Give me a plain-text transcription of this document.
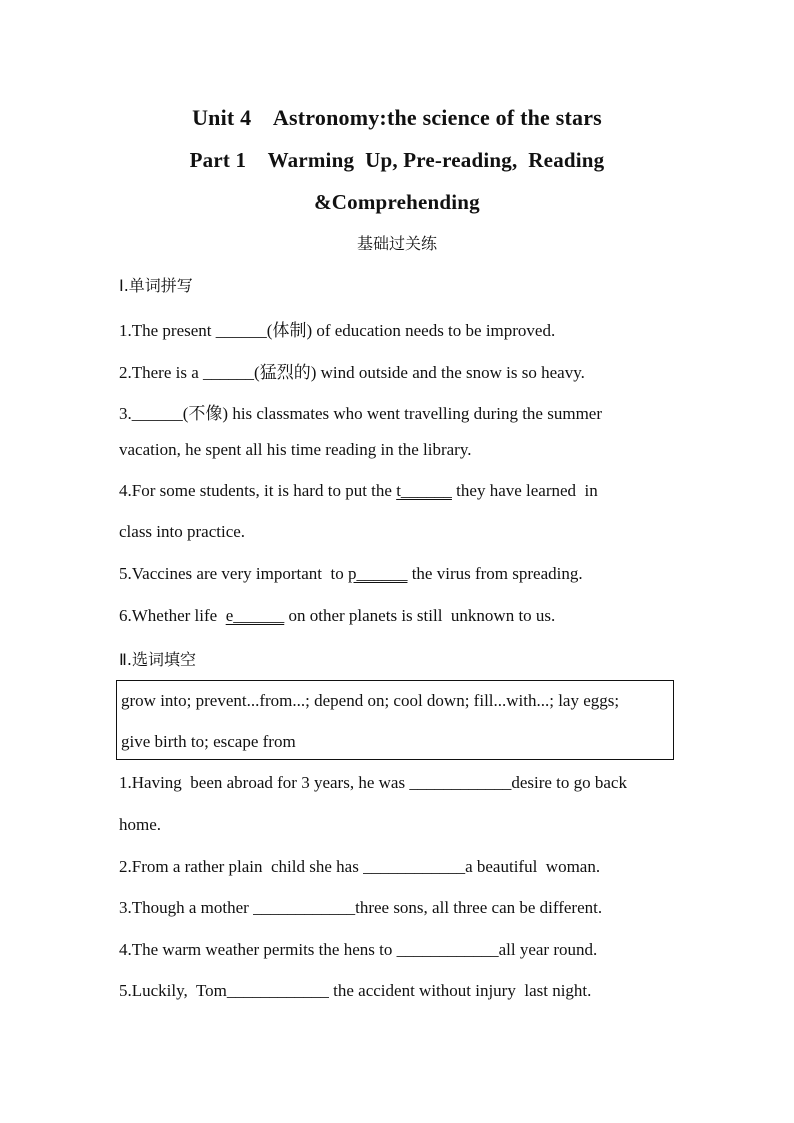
Unit 4    Astronomy:the science of the stars
Part 1    Warming  Up, Pre-reading,  Reading
&Comprehending
基础过关练
Ⅰ.单词拼写
1.The present ______(体制) of education needs to be improved.
2.There is a ______(猛烈的) wind outside and the snow is so heavy.
3.______(不像) his classmates who went travelling during the summer
vacation, he spent all his time reading in the library.
4.For some students, it is hard to put the t______ they have learned  in
class into practice.
5.Vaccines are very important  to p______ the virus from spreading.
6.Whether life  e______ on other planets is still  unknown to us.
Ⅱ.选词填空
grow into; prevent...from...; depend on; cool down; fill...with...; lay eggs;
give birth to; escape from
1.Having  been abroad for 3 years, he was ____________desire to go back
home.
2.From a rather plain  child she has ____________a beautiful  woman.
3.Though a mother ____________three sons, all three can be different.
4.The warm weather permits the hens to ____________all year round.
5.Luckily,  Tom____________ the accident without injury  last night.
